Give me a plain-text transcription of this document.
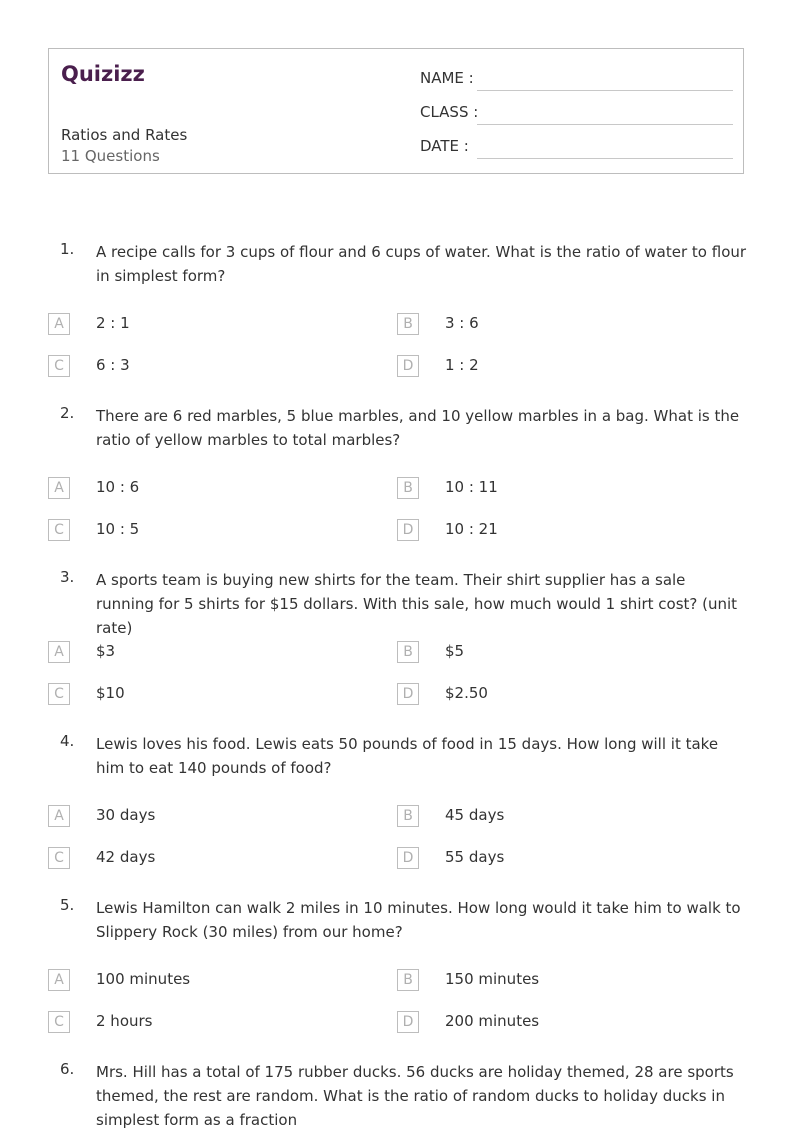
Quizizz
Ratios and Rates
11 Questions
NAME :
CLASS :
DATE :
1. A recipe calls for 3 cups of flour and 6 cups of water. What is the ratio of water to flour in simplest form?
A	2 : 1	B	3 : 6
C	6 : 3	D	1 : 2
2. There are 6 red marbles, 5 blue marbles, and 10 yellow marbles in a bag. What is the ratio of yellow marbles to total marbles?
A	10 : 6	B	10 : 11
C	10 : 5	D	10 : 21
3. A sports team is buying new shirts for the team. Their shirt supplier has a sale running for 5 shirts for $15 dollars. With this sale, how much would 1 shirt cost? (unit rate)
A	$3	B	$5
C	$10	D	$2.50
4. Lewis loves his food. Lewis eats 50 pounds of food in 15 days. How long will it take him to eat 140 pounds of food?
A	30 days	B	45 days
C	42 days	D	55 days
5. Lewis Hamilton can walk 2 miles in 10 minutes. How long would it take him to walk to Slippery Rock (30 miles) from our home?
A	100 minutes	B	150 minutes
C	2 hours	D	200 minutes
6. Mrs. Hill has a total of 175 rubber ducks. 56 ducks are holiday themed, 28 are sports themed, the rest are random. What is the ratio of random ducks to holiday ducks in simplest form as a fraction
